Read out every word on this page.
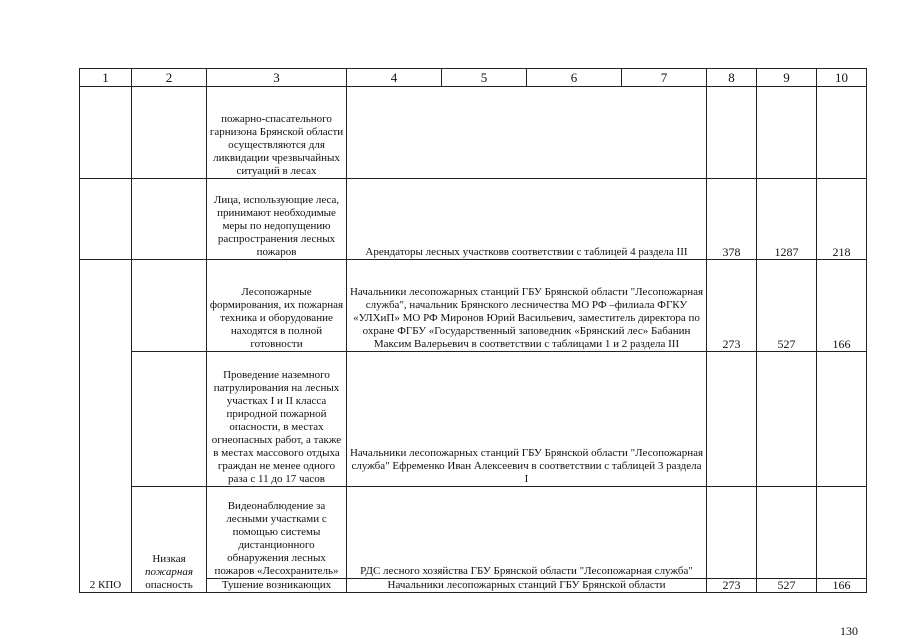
1	2	3	4	5	6	7	8	9	10
		пожарно-спасательного гарнизона Брянской области осуществляются для ликвидации чрезвычайных ситуаций в лесах							
		Лица, использующие леса, принимают необходимые меры по недопущению распространения лесных пожаров	Арендаторы лесных участковв соответствии с таблицей 4 раздела III				378	1287	218
2 КПО		Лесопожарные формирования, их пожарная техника и оборудование находятся в полной готовности	Начальники лесопожарных станций ГБУ Брянской области "Лесопожарная служба", начальник Брянского лесничества МО РФ –филиала ФГКУ «УЛХиП» МО РФ Миронов Юрий Васильевич, заместитель директора по охране ФГБУ «Государственный заповедник «Брянский лес» Бабанин Максим Валерьевич в соответствии с таблицами 1 и 2 раздела III				273	527	166
		Проведение наземного патрулирования на лесных участках I и II класса природной пожарной опасности, в местах огнеопасных работ, а также в местах массового отдыха граждан не менее одного раза с 11 до 17 часов	Начальники лесопожарных станций ГБУ Брянской области "Лесопожарная служба" Ефременко Иван Алексеевич в соответствии с таблицей 3 раздела I						

	Низкая
пожарная
опасность	Видеонаблюдение за лесными участками с помощью системы дистанционного обнаружения лесных пожаров «Лесохранитель»	РДС лесного хозяйства ГБУ Брянской области "Лесопожарная служба"						
		Тушение возникающих	Начальники лесопожарных станций ГБУ Брянской области				273	527	166
130
